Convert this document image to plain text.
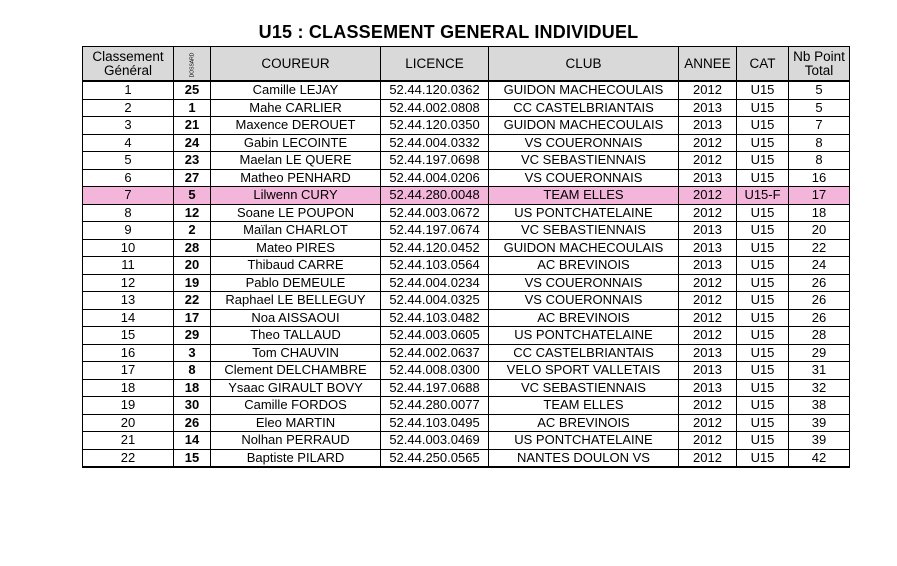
U15 : CLASSEMENT GENERAL INDIVIDUEL
Classement
Général	DOSSARD	COUREUR	LICENCE	CLUB	ANNEE	CAT	Nb Point
Total
1	25	Camille LEJAY	52.44.120.0362	GUIDON MACHECOULAIS	2012	U15	5
2	1	Mahe CARLIER	52.44.002.0808	CC CASTELBRIANTAIS	2013	U15	5
3	21	Maxence DEROUET	52.44.120.0350	GUIDON MACHECOULAIS	2013	U15	7
4	24	Gabin LECOINTE	52.44.004.0332	VS COUERONNAIS	2012	U15	8
5	23	Maelan LE QUERE	52.44.197.0698	VC SEBASTIENNAIS	2012	U15	8
6	27	Matheo PENHARD	52.44.004.0206	VS COUERONNAIS	2013	U15	16
7	5	Lilwenn CURY	52.44.280.0048	TEAM ELLES	2012	U15-F	17
8	12	Soane LE POUPON	52.44.003.0672	US PONTCHATELAINE	2012	U15	18
9	2	Maïlan CHARLOT	52.44.197.0674	VC SEBASTIENNAIS	2013	U15	20
10	28	Mateo PIRES	52.44.120.0452	GUIDON MACHECOULAIS	2013	U15	22
11	20	Thibaud CARRE	52.44.103.0564	AC BREVINOIS	2013	U15	24
12	19	Pablo DEMEULE	52.44.004.0234	VS COUERONNAIS	2012	U15	26
13	22	Raphael LE BELLEGUY	52.44.004.0325	VS COUERONNAIS	2012	U15	26
14	17	Noa AISSAOUI	52.44.103.0482	AC BREVINOIS	2012	U15	26
15	29	Theo TALLAUD	52.44.003.0605	US PONTCHATELAINE	2012	U15	28
16	3	Tom CHAUVIN	52.44.002.0637	CC CASTELBRIANTAIS	2013	U15	29
17	8	Clement DELCHAMBRE	52.44.008.0300	VELO SPORT VALLETAIS	2013	U15	31
18	18	Ysaac GIRAULT BOVY	52.44.197.0688	VC SEBASTIENNAIS	2013	U15	32
19	30	Camille FORDOS	52.44.280.0077	TEAM ELLES	2012	U15	38
20	26	Eleo MARTIN	52.44.103.0495	AC BREVINOIS	2012	U15	39
21	14	Nolhan PERRAUD	52.44.003.0469	US PONTCHATELAINE	2012	U15	39
22	15	Baptiste PILARD	52.44.250.0565	NANTES DOULON VS	2012	U15	42
